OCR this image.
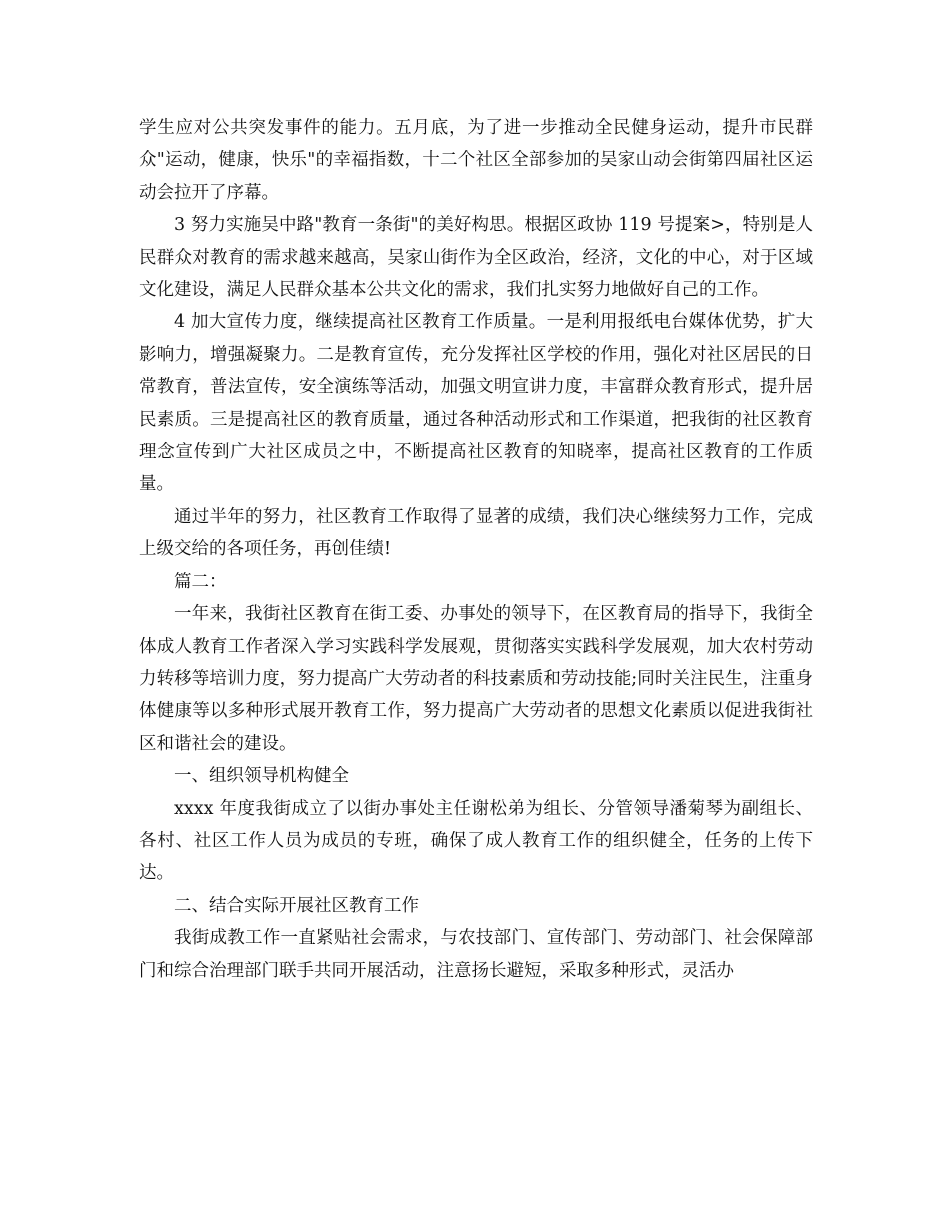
学生应对公共突发事件的能力。五月底，为了进一步推动全民健身运动，提升市民群众"运动，健康，快乐"的幸福指数，十二个社区全部参加的吴家山动会街第四届社区运动会拉开了序幕。

3 努力实施吴中路"教育一条街"的美好构思。根据区政协 119 号提案>，特别是人民群众对教育的需求越来越高，吴家山街作为全区政治，经济，文化的中心，对于区域文化建设，满足人民群众基本公共文化的需求，我们扎实努力地做好自己的工作。

4 加大宣传力度，继续提高社区教育工作质量。一是利用报纸电台媒体优势，扩大影响力，增强凝聚力。二是教育宣传，充分发挥社区学校的作用，强化对社区居民的日常教育，普法宣传，安全演练等活动，加强文明宣讲力度，丰富群众教育形式，提升居民素质。三是提高社区的教育质量，通过各种活动形式和工作渠道，把我街的社区教育理念宣传到广大社区成员之中，不断提高社区教育的知晓率，提高社区教育的工作质量。

通过半年的努力，社区教育工作取得了显著的成绩，我们决心继续努力工作，完成上级交给的各项任务，再创佳绩!

篇二：

一年来，我街社区教育在街工委、办事处的领导下，在区教育局的指导下，我街全体成人教育工作者深入学习实践科学发展观，贯彻落实实践科学发展观，加大农村劳动力转移等培训力度，努力提高广大劳动者的科技素质和劳动技能;同时关注民生，注重身体健康等以多种形式展开教育工作，努力提高广大劳动者的思想文化素质以促进我街社区和谐社会的建设。

一、组织领导机构健全

xxxx 年度我街成立了以街办事处主任谢松弟为组长、分管领导潘菊琴为副组长、各村、社区工作人员为成员的专班，确保了成人教育工作的组织健全，任务的上传下达。

二、结合实际开展社区教育工作

我街成教工作一直紧贴社会需求，与农技部门、宣传部门、劳动部门、社会保障部门和综合治理部门联手共同开展活动，注意扬长避短，采取多种形式，灵活办
